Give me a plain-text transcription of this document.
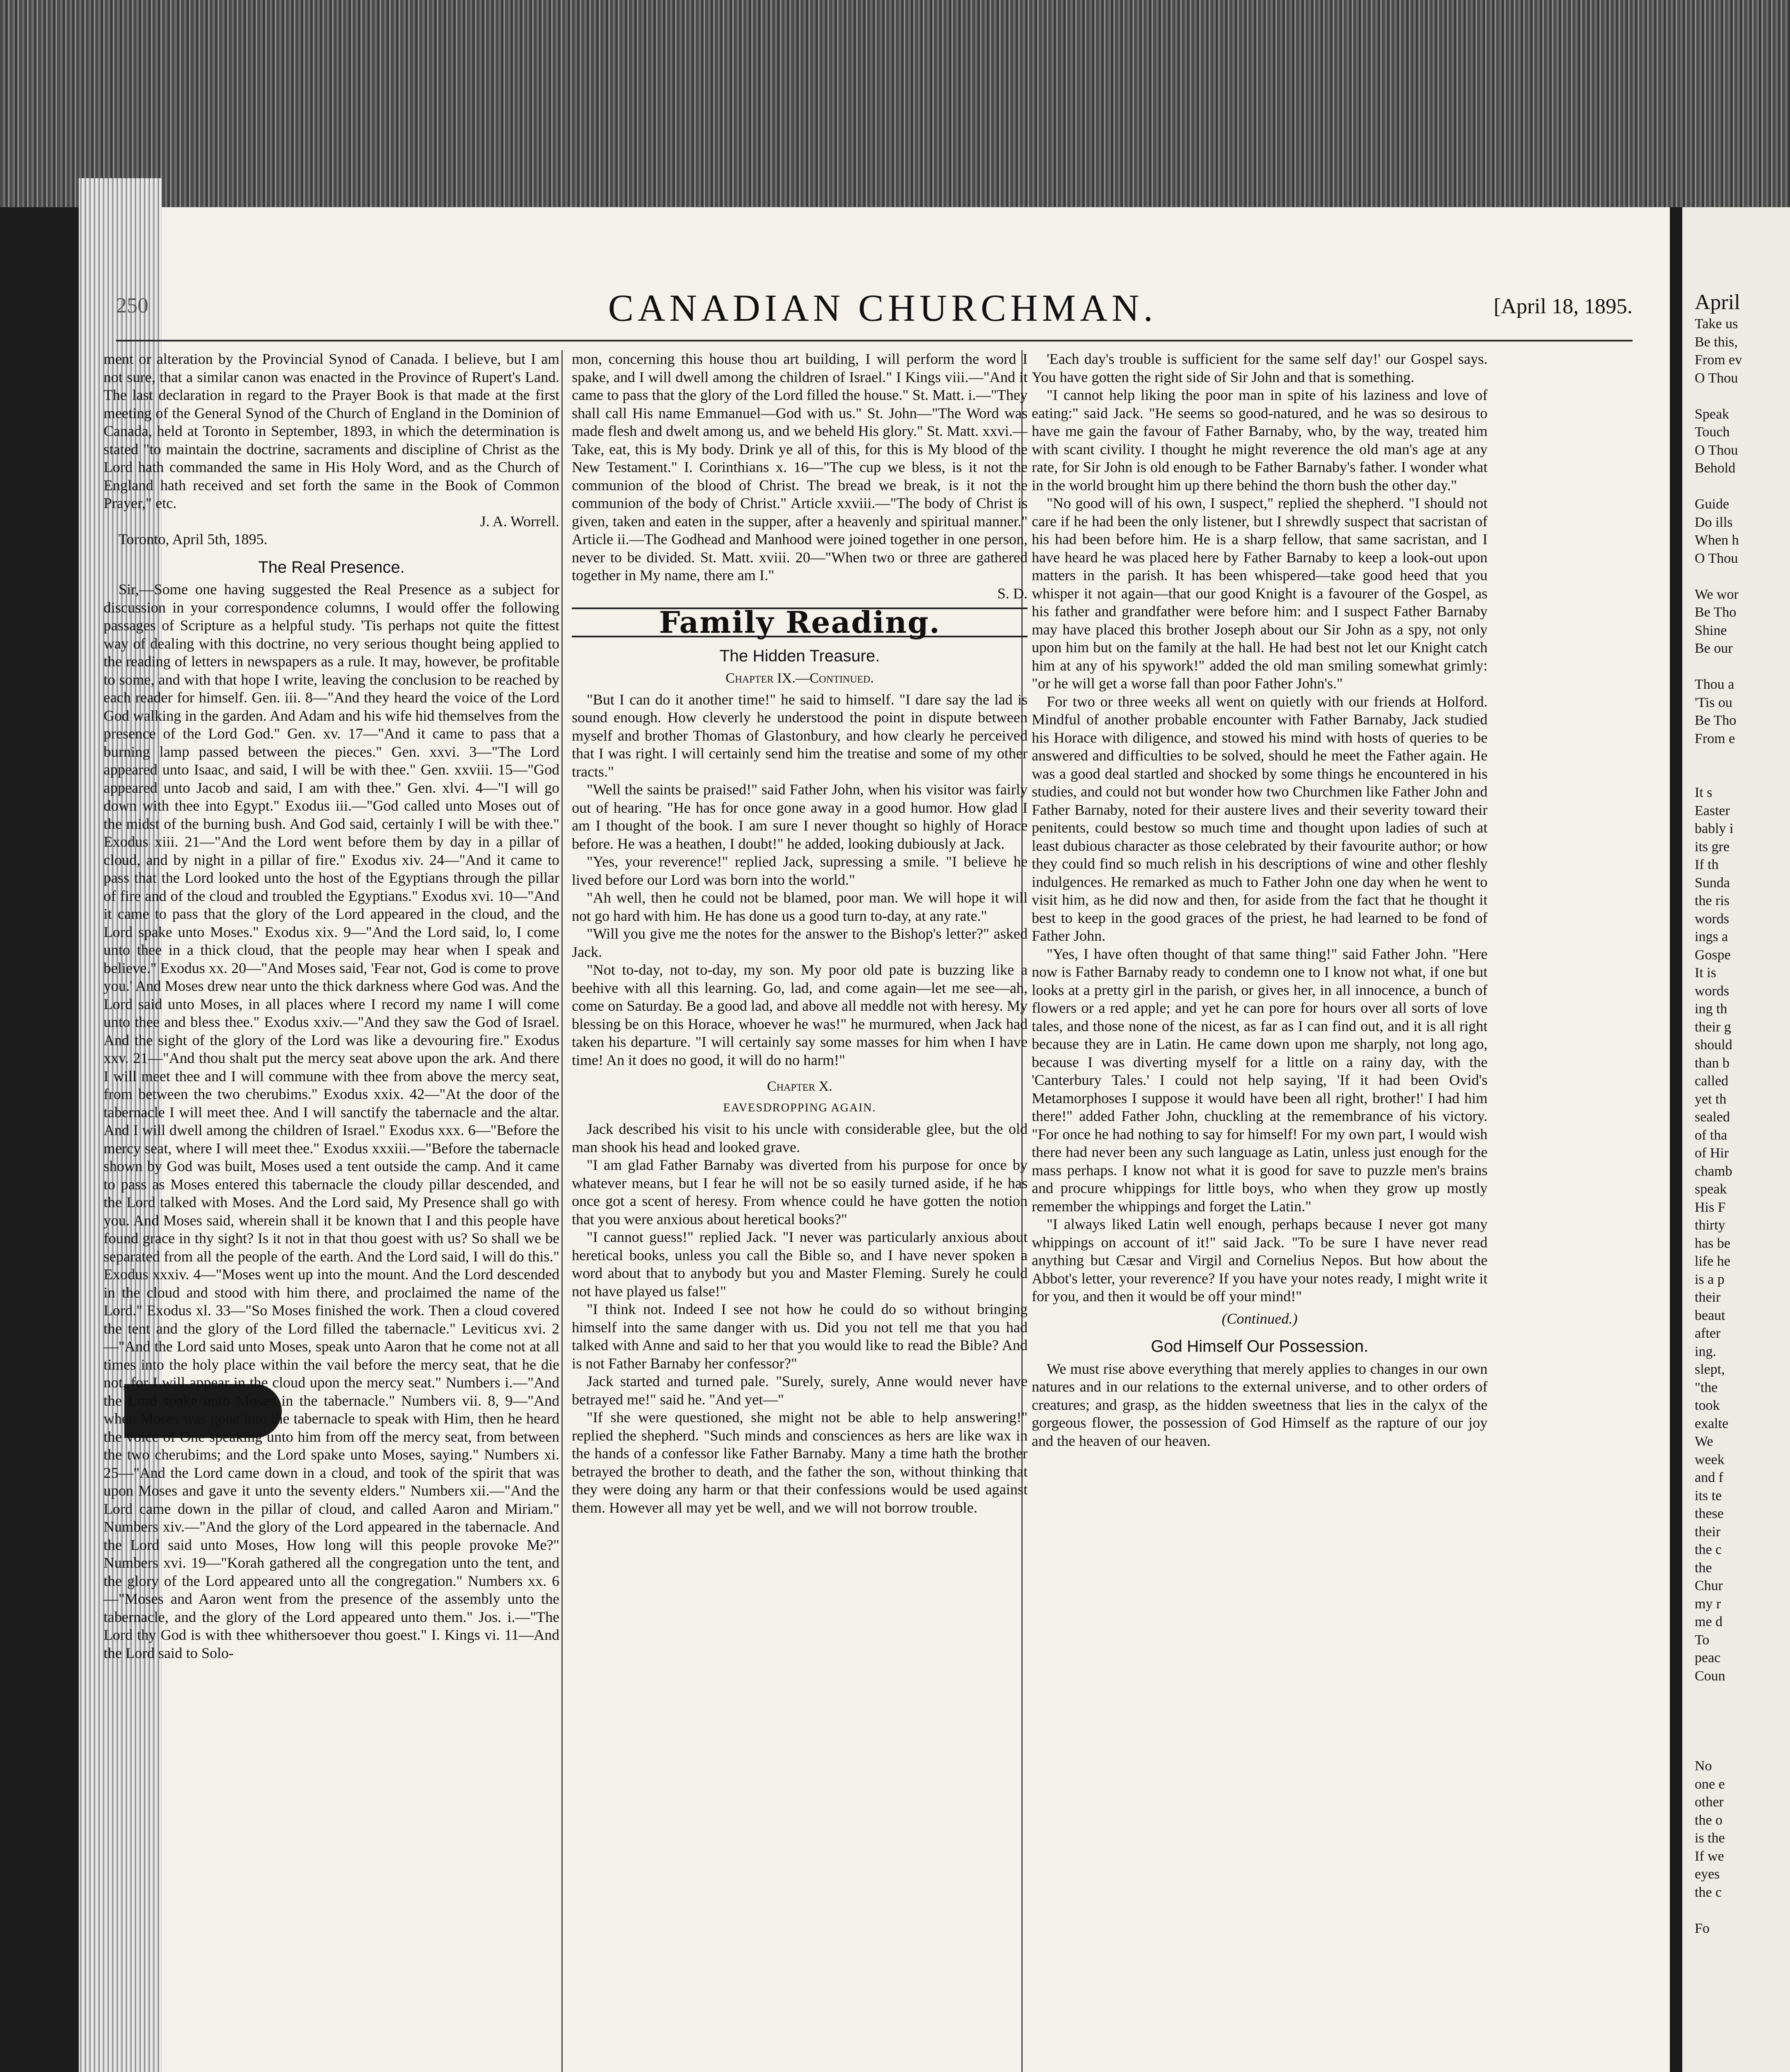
April
Take us
Be this,
From ev
O Thou

Speak
Touch
O Thou
Behold

Guide
Do ills
When h
O Thou

We wor
Be Tho
Shine
Be our

Thou a
'Tis ou
Be Tho
From e

It s
Easter
bably i
its gre
If th
Sunda
the ris
words
ings a
Gospe
It is
words
ing th
their g
should
than b
called
yet th
sealed
of tha
of Hir
chamb
speak
His F
thirty
has be
life he
is a p
their
beaut
after
ing.
slept,
"the
took
exalte
We
week
and f
its te
these
their
the c
the
Chur
my r
me d
To
peac
Coun

No
one e
other
the o
is the
If we
eyes
the c

Fo
250	CANADIAN CHURCHMAN.	[April 18, 1895.

ment or alteration by the Provincial Synod of Canada. I believe, but I am not sure, that a similar canon was enacted in the Province of Rupert's Land. The last declaration in regard to the Prayer Book is that made at the first meeting of the General Synod of the Church of England in the Dominion of Canada, held at Toronto in September, 1893, in which the determination is stated "to maintain the doctrine, sacraments and discipline of Christ as the Lord hath commanded the same in His Holy Word, and as the Church of England hath received and set forth the same in the Book of Common Prayer," etc.

J. A. Worrell.
Toronto, April 5th, 1895.
The Real Presence.

Sir,—Some one having suggested the Real Presence as a subject for discussion in your correspondence columns, I would offer the following passages of Scripture as a helpful study. 'Tis perhaps not quite the fittest way of dealing with this doctrine, no very serious thought being applied to the reading of letters in newspapers as a rule. It may, however, be profitable to some, and with that hope I write, leaving the conclusion to be reached by each reader for himself. Gen. iii. 8—"And they heard the voice of the Lord God walking in the garden. And Adam and his wife hid themselves from the presence of the Lord God." Gen. xv. 17—"And it came to pass that a burning lamp passed between the pieces." Gen. xxvi. 3—"The Lord appeared unto Isaac, and said, I will be with thee." Gen. xxviii. 15—"God appeared unto Jacob and said, I am with thee." Gen. xlvi. 4—"I will go down with thee into Egypt." Exodus iii.—"God called unto Moses out of the midst of the burning bush. And God said, certainly I will be with thee." Exodus xiii. 21—"And the Lord went before them by day in a pillar of cloud, and by night in a pillar of fire." Exodus xiv. 24—"And it came to pass that the Lord looked unto the host of the Egyptians through the pillar of fire and of the cloud and troubled the Egyptians." Exodus xvi. 10—"And it came to pass that the glory of the Lord appeared in the cloud, and the Lord spake unto Moses." Exodus xix. 9—"And the Lord said, lo, I come unto thee in a thick cloud, that the people may hear when I speak and believe." Exodus xx. 20—"And Moses said, 'Fear not, God is come to prove you.' And Moses drew near unto the thick darkness where God was. And the Lord said unto Moses, in all places where I record my name I will come unto thee and bless thee." Exodus xxiv.—"And they saw the God of Israel. And the sight of the glory of the Lord was like a devouring fire." Exodus xxv. 21—"And thou shalt put the mercy seat above upon the ark. And there I will meet thee and I will commune with thee from above the mercy seat, from between the two cherubims." Exodus xxix. 42—"At the door of the tabernacle I will meet thee. And I will sanctify the tabernacle and the altar. And I will dwell among the children of Israel." Exodus xxx. 6—"Before the mercy seat, where I will meet thee." Exodus xxxiii.—"Before the tabernacle shown by God was built, Moses used a tent outside the camp. And it came to pass as Moses entered this tabernacle the cloudy pillar descended, and the Lord talked with Moses. And the Lord said, My Presence shall go with you. And Moses said, wherein shall it be known that I and this people have found grace in thy sight? Is it not in that thou goest with us? So shall we be separated from all the people of the earth. And the Lord said, I will do this." Exodus xxxiv. 4—"Moses went up into the mount. And the Lord descended in the cloud and stood with him there, and proclaimed the name of the Lord." Exodus xl. 33—"So Moses finished the work. Then a cloud covered the tent and the glory of the Lord filled the tabernacle." Leviticus xvi. 2—"And the Lord said unto Moses, speak unto Aaron that he come not at all times into the holy place within the vail before the mercy seat, that he die not, for I will appear in the cloud upon the mercy seat." Numbers i.—"And the Lord spake unto Moses in the tabernacle." Numbers vii. 8, 9—"And when Moses was gone into the tabernacle to speak with Him, then he heard the voice of One speaking unto him from off the mercy seat, from between the two cherubims; and the Lord spake unto Moses, saying." Numbers xi. 25—"And the Lord came down in a cloud, and took of the spirit that was upon Moses and gave it unto the seventy elders." Numbers xii.—"And the Lord came down in the pillar of cloud, and called Aaron and Miriam." Numbers xiv.—"And the glory of the Lord appeared in the tabernacle. And the Lord said unto Moses, How long will this people provoke Me?" Numbers xvi. 19—"Korah gathered all the congregation unto the tent, and the glory of the Lord appeared unto all the congregation." Numbers xx. 6—"Moses and Aaron went from the presence of the assembly unto the tabernacle, and the glory of the Lord appeared unto them." Jos. i.—"The Lord thy God is with thee whithersoever thou goest." I. Kings vi. 11—And the Lord said to Solo-

mon, concerning this house thou art building, I will perform the word I spake, and I will dwell among the children of Israel." I Kings viii.—"And it came to pass that the glory of the Lord filled the house." St. Matt. i.—"They shall call His name Emmanuel—God with us." St. John—"The Word was made flesh and dwelt among us, and we beheld His glory." St. Matt. xxvi.—Take, eat, this is My body. Drink ye all of this, for this is My blood of the New Testament." I. Corinthians x. 16—"The cup we bless, is it not the communion of the blood of Christ. The bread we break, is it not the communion of the body of Christ." Article xxviii.—"The body of Christ is given, taken and eaten in the supper, after a heavenly and spiritual manner." Article ii.—The Godhead and Manhood were joined together in one person, never to be divided. St. Matt. xviii. 20—"When two or three are gathered together in My name, there am I."

S. D.
Family Reading.
The Hidden Treasure.
Chapter IX.—Continued.

"But I can do it another time!" he said to himself. "I dare say the lad is sound enough. How cleverly he understood the point in dispute between myself and brother Thomas of Glastonbury, and how clearly he perceived that I was right. I will certainly send him the treatise and some of my other tracts."

"Well the saints be praised!" said Father John, when his visitor was fairly out of hearing. "He has for once gone away in a good humor. How glad I am I thought of the book. I am sure I never thought so highly of Horace before. He was a heathen, I doubt!" he added, looking dubiously at Jack.

"Yes, your reverence!" replied Jack, supressing a smile. "I believe he lived before our Lord was born into the world."

"Ah well, then he could not be blamed, poor man. We will hope it will not go hard with him. He has done us a good turn to-day, at any rate."

"Will you give me the notes for the answer to the Bishop's letter?" asked Jack.

"Not to-day, not to-day, my son. My poor old pate is buzzing like a beehive with all this learning. Go, lad, and come again—let me see—ah, come on Saturday. Be a good lad, and above all meddle not with heresy. My blessing be on this Horace, whoever he was!" he murmured, when Jack had taken his departure. "I will certainly say some masses for him when I have time! An it does no good, it will do no harm!"

Chapter X.
EAVESDROPPING AGAIN.

Jack described his visit to his uncle with considerable glee, but the old man shook his head and looked grave.

"I am glad Father Barnaby was diverted from his purpose for once by whatever means, but I fear he will not be so easily turned aside, if he has once got a scent of heresy. From whence could he have gotten the notion that you were anxious about heretical books?"

"I cannot guess!" replied Jack. "I never was particularly anxious about heretical books, unless you call the Bible so, and I have never spoken a word about that to anybody but you and Master Fleming. Surely he could not have played us false!"

"I think not. Indeed I see not how he could do so without bringing himself into the same danger with us. Did you not tell me that you had talked with Anne and said to her that you would like to read the Bible? And is not Father Barnaby her confessor?"

Jack started and turned pale. "Surely, surely, Anne would never have betrayed me!" said he. "And yet—"

"If she were questioned, she might not be able to help answering!" replied the shepherd. "Such minds and consciences as hers are like wax in the hands of a confessor like Father Barnaby. Many a time hath the brother betrayed the brother to death, and the father the son, without thinking that they were doing any harm or that their confessions would be used against them. However all may yet be well, and we will not borrow trouble.

'Each day's trouble is sufficient for the same self day!' our Gospel says. You have gotten the right side of Sir John and that is something.

"I cannot help liking the poor man in spite of his laziness and love of eating:" said Jack. "He seems so good-natured, and he was so desirous to have me gain the favour of Father Barnaby, who, by the way, treated him with scant civility. I thought he might reverence the old man's age at any rate, for Sir John is old enough to be Father Barnaby's father. I wonder what in the world brought him up there behind the thorn bush the other day."

"No good will of his own, I suspect," replied the shepherd. "I should not care if he had been the only listener, but I shrewdly suspect that sacristan of his had been before him. He is a sharp fellow, that same sacristan, and I have heard he was placed here by Father Barnaby to keep a look-out upon matters in the parish. It has been whispered—take good heed that you whisper it not again—that our good Knight is a favourer of the Gospel, as his father and grandfather were before him: and I suspect Father Barnaby may have placed this brother Joseph about our Sir John as a spy, not only upon him but on the family at the hall. He had best not let our Knight catch him at any of his spywork!" added the old man smiling somewhat grimly: "or he will get a worse fall than poor Father John's."

For two or three weeks all went on quietly with our friends at Holford. Mindful of another probable encounter with Father Barnaby, Jack studied his Horace with diligence, and stowed his mind with hosts of queries to be answered and difficulties to be solved, should he meet the Father again. He was a good deal startled and shocked by some things he encountered in his studies, and could not but wonder how two Churchmen like Father John and Father Barnaby, noted for their austere lives and their severity toward their penitents, could bestow so much time and thought upon ladies of such at least dubious character as those celebrated by their favourite author; or how they could find so much relish in his descriptions of wine and other fleshly indulgences. He remarked as much to Father John one day when he went to visit him, as he did now and then, for aside from the fact that he thought it best to keep in the good graces of the priest, he had learned to be fond of Father John.

"Yes, I have often thought of that same thing!" said Father John. "Here now is Father Barnaby ready to condemn one to I know not what, if one but looks at a pretty girl in the parish, or gives her, in all innocence, a bunch of flowers or a red apple; and yet he can pore for hours over all sorts of love tales, and those none of the nicest, as far as I can find out, and it is all right because they are in Latin. He came down upon me sharply, not long ago, because I was diverting myself for a little on a rainy day, with the 'Canterbury Tales.' I could not help saying, 'If it had been Ovid's Metamorphoses I suppose it would have been all right, brother!' I had him there!" added Father John, chuckling at the remembrance of his victory. "For once he had nothing to say for himself! For my own part, I would wish there had never been any such language as Latin, unless just enough for the mass perhaps. I know not what it is good for save to puzzle men's brains and procure whippings for little boys, who when they grow up mostly remember the whippings and forget the Latin."

"I always liked Latin well enough, perhaps because I never got many whippings on account of it!" said Jack. "To be sure I have never read anything but Cæsar and Virgil and Cornelius Nepos. But how about the Abbot's letter, your reverence? If you have your notes ready, I might write it for you, and then it would be off your mind!"

(Continued.)
God Himself Our Possession.

We must rise above everything that merely applies to changes in our own natures and in our relations to the external universe, and to other orders of creatures; and grasp, as the hidden sweetness that lies in the calyx of the gorgeous flower, the possession of God Himself as the rapture of our joy and the heaven of our heaven.
